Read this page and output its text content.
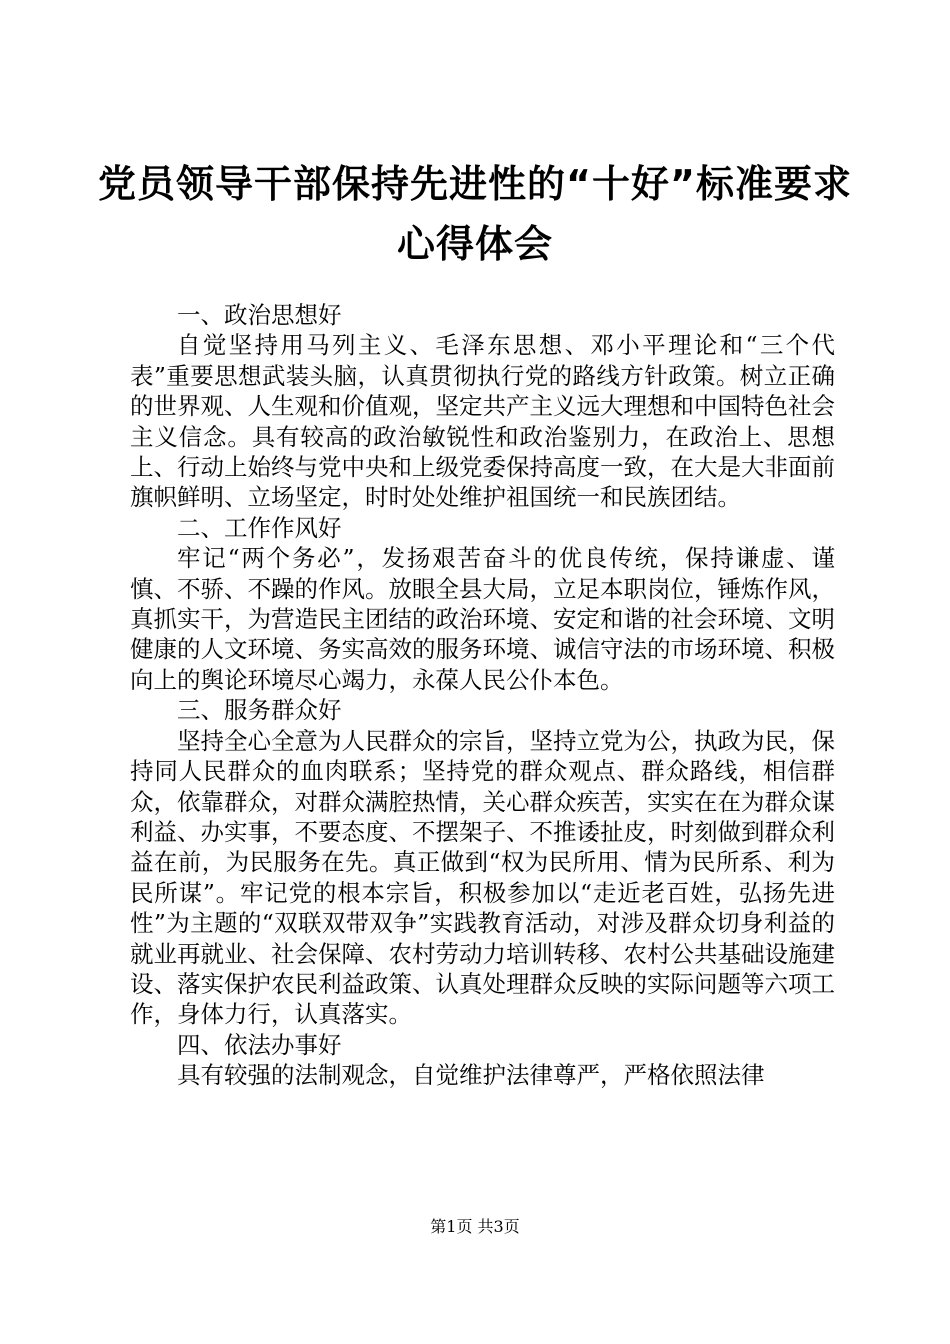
党员领导干部保持先进性的“十好”标准要求
心得体会

一、政治思想好

自觉坚持用马列主义、毛泽东思想、邓小平理论和“三个代表”重要思想武装头脑，认真贯彻执行党的路线方针政策。树立正确的世界观、人生观和价值观，坚定共产主义远大理想和中国特色社会主义信念。具有较高的政治敏锐性和政治鉴别力，在政治上、思想上、行动上始终与党中央和上级党委保持高度一致，在大是大非面前旗帜鲜明、立场坚定，时时处处维护祖国统一和民族团结。

二、工作作风好

牢记“两个务必”，发扬艰苦奋斗的优良传统，保持谦虚、谨慎、不骄、不躁的作风。放眼全县大局，立足本职岗位，锤炼作风，真抓实干，为营造民主团结的政治环境、安定和谐的社会环境、文明健康的人文环境、务实高效的服务环境、诚信守法的市场环境、积极向上的舆论环境尽心竭力，永葆人民公仆本色。

三、服务群众好

坚持全心全意为人民群众的宗旨，坚持立党为公，执政为民，保持同人民群众的血肉联系；坚持党的群众观点、群众路线，相信群众，依靠群众，对群众满腔热情，关心群众疾苦，实实在在为群众谋利益、办实事，不要态度、不摆架子、不推诿扯皮，时刻做到群众利益在前，为民服务在先。真正做到“权为民所用、情为民所系、利为民所谋”。牢记党的根本宗旨，积极参加以“走近老百姓，弘扬先进性”为主题的“双联双带双争”实践教育活动，对涉及群众切身利益的就业再就业、社会保障、农村劳动力培训转移、农村公共基础设施建设、落实保护农民利益政策、认真处理群众反映的实际问题等六项工作，身体力行，认真落实。

四、依法办事好

具有较强的法制观念，自觉维护法律尊严，严格依照法律

第1页 共3页
